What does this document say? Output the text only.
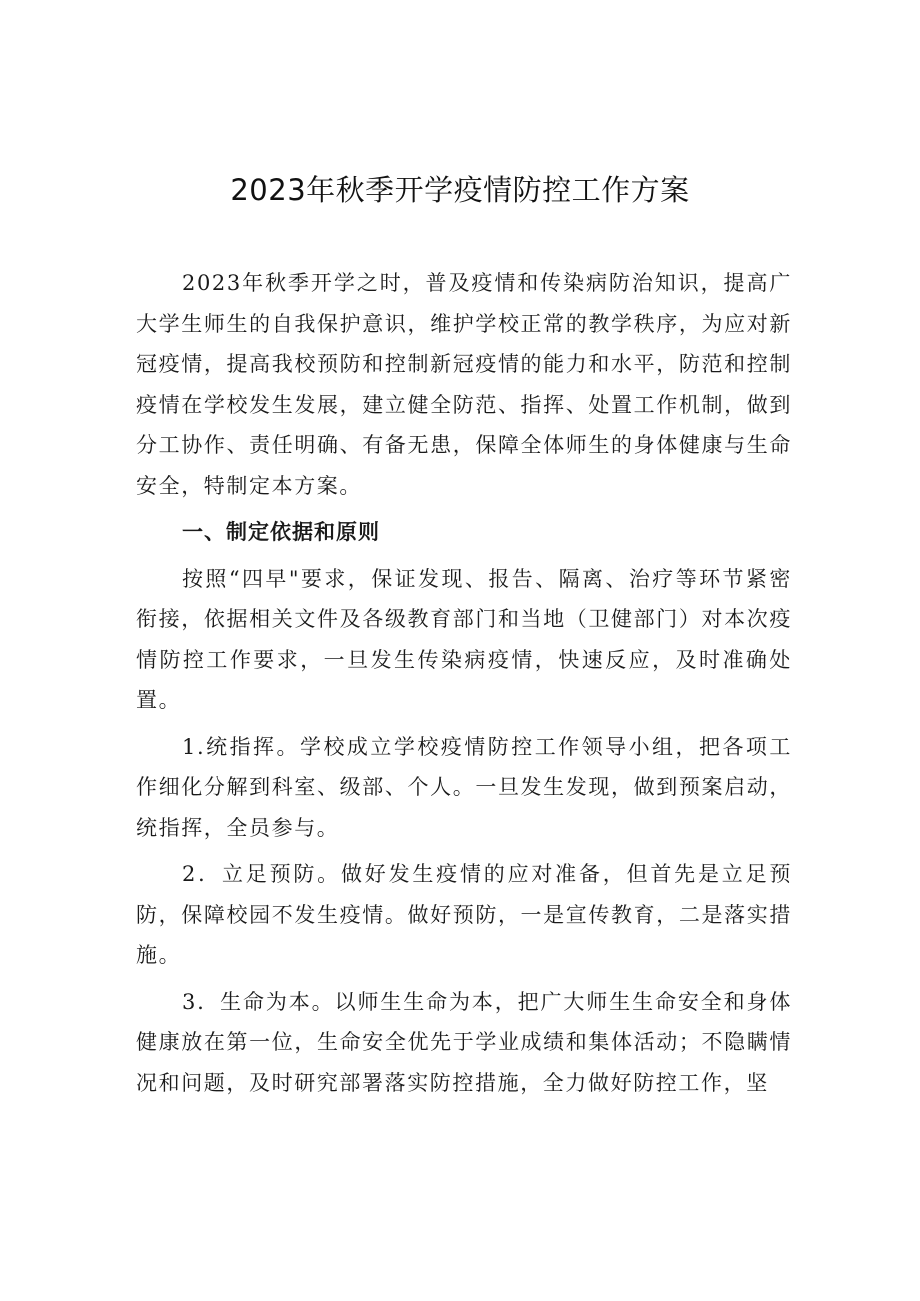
2023年秋季开学疫情防控工作方案

2023年秋季开学之时，普及疫情和传染病防治知识，提高广大学生师生的自我保护意识，维护学校正常的教学秩序，为应对新冠疫情，提高我校预防和控制新冠疫情的能力和水平，防范和控制疫情在学校发生发展，建立健全防范、指挥、处置工作机制，做到分工协作、责任明确、有备无患，保障全体师生的身体健康与生命安全，特制定本方案。

一、制定依据和原则

按照“四早"要求，保证发现、报告、隔离、治疗等环节紧密衔接，依据相关文件及各级教育部门和当地（卫健部门）对本次疫情防控工作要求，一旦发生传染病疫情，快速反应，及时准确处置。

1.统指挥。学校成立学校疫情防控工作领导小组，把各项工作细化分解到科室、级部、个人。一旦发生发现，做到预案启动，统指挥，全员参与。

2．立足预防。做好发生疫情的应对准备，但首先是立足预防，保障校园不发生疫情。做好预防，一是宣传教育，二是落实措施。

3．生命为本。以师生生命为本，把广大师生生命安全和身体健康放在第一位，生命安全优先于学业成绩和集体活动；不隐瞒情况和问题，及时研究部署落实防控措施，全力做好防控工作，坚
